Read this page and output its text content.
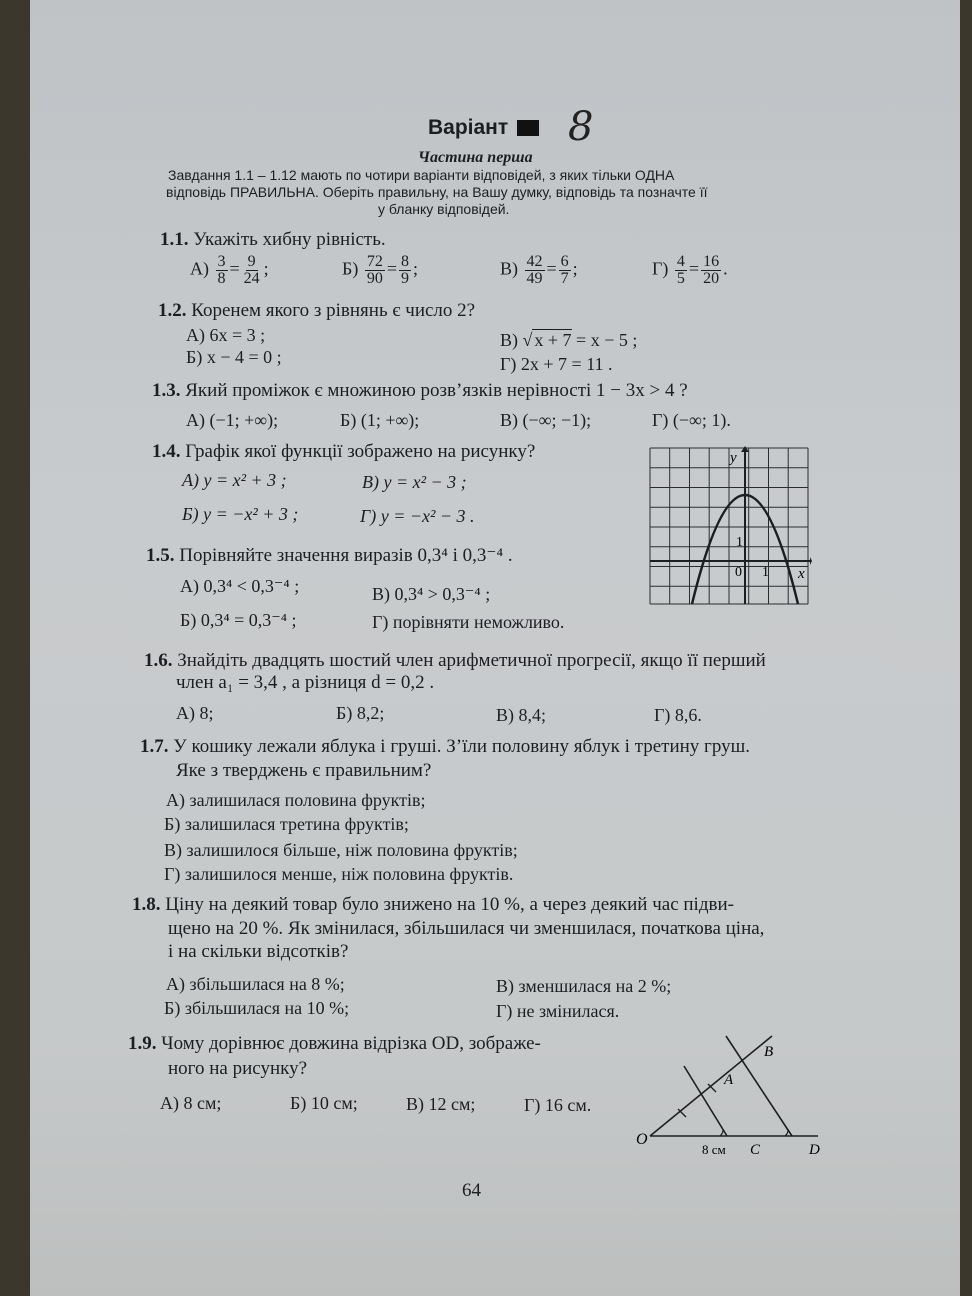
Варіант	8
Частина перша
Завдання 1.1 – 1.12 мають по чотири варіанти відповідей, з яких тільки ОДНА
відповідь ПРАВИЛЬНА. Оберіть правильну, на Вашу думку, відповідь та позначте її
у бланку відповідей.
1.1. Укажіть хибну рівність.
$А) \frac{3}{8} = \frac{9}{24}$ ;	$Б) \frac{72}{90} = \frac{8}{9}$ ;	$В) \frac{42}{49} = \frac{6}{7}$ ;	$Г) \frac{4}{5} = \frac{16}{20}$ .
1.2. Коренем якого з рівнянь є число 2?
А) 6x = 3 ;
Б) x − 4 = 0 ;
В) √ x + 7 = x − 5 ;
Г) 2x + 7 = 11 .
1.3. Який проміжок є множиною розв’язків нерівності 1 − 3x > 4 ?
А) (−1; +∞);	Б) (1; +∞);	В) (−∞; −1);	Г) (−∞; 1).
1.4. Графік якої функції зображено на рисунку?
А) y = x² + 3 ;
Б) y = −x² + 3 ;
В) y = x² − 3 ;
Г) y = −x² − 3 .
y
x
0 1
1
1.5. Порівняйте значення виразів 0,3⁴ і 0,3⁻⁴ .
А) 0,3⁴ < 0,3⁻⁴ ;
Б) 0,3⁴ = 0,3⁻⁴ ;
В) 0,3⁴ > 0,3⁻⁴ ;
Г) порівняти неможливо.
1.6. Знайдіть двадцять шостий член арифметичної прогресії, якщо її перший
член a₁ = 3,4 , а різниця d = 0,2 .
А) 8;	Б) 8,2;	В) 8,4;	Г) 8,6.
1.7. У кошику лежали яблука і груші. З’їли половину яблук і третину груш.
Яке з тверджень є правильним?
А) залишилася половина фруктів;
Б) залишилася третина фруктів;
В) залишилося більше, ніж половина фруктів;
Г) залишилося менше, ніж половина фруктів.
1.8. Ціну на деякий товар було знижено на 10 %, а через деякий час підви-
щено на 20 %. Як змінилася, збільшилася чи зменшилася, початкова ціна,
і на скільки відсотків?
А) збільшилася на 8 %;
Б) збільшилася на 10 %;
В) зменшилася на 2 %;
Г) не змінилася.
1.9. Чому дорівнює довжина відрізка OD, зображе-
ного на рисунку?
А) 8 см;	Б) 10 см;	В) 12 см;	Г) 16 см.
O
A
B
C	D
8 см
64
